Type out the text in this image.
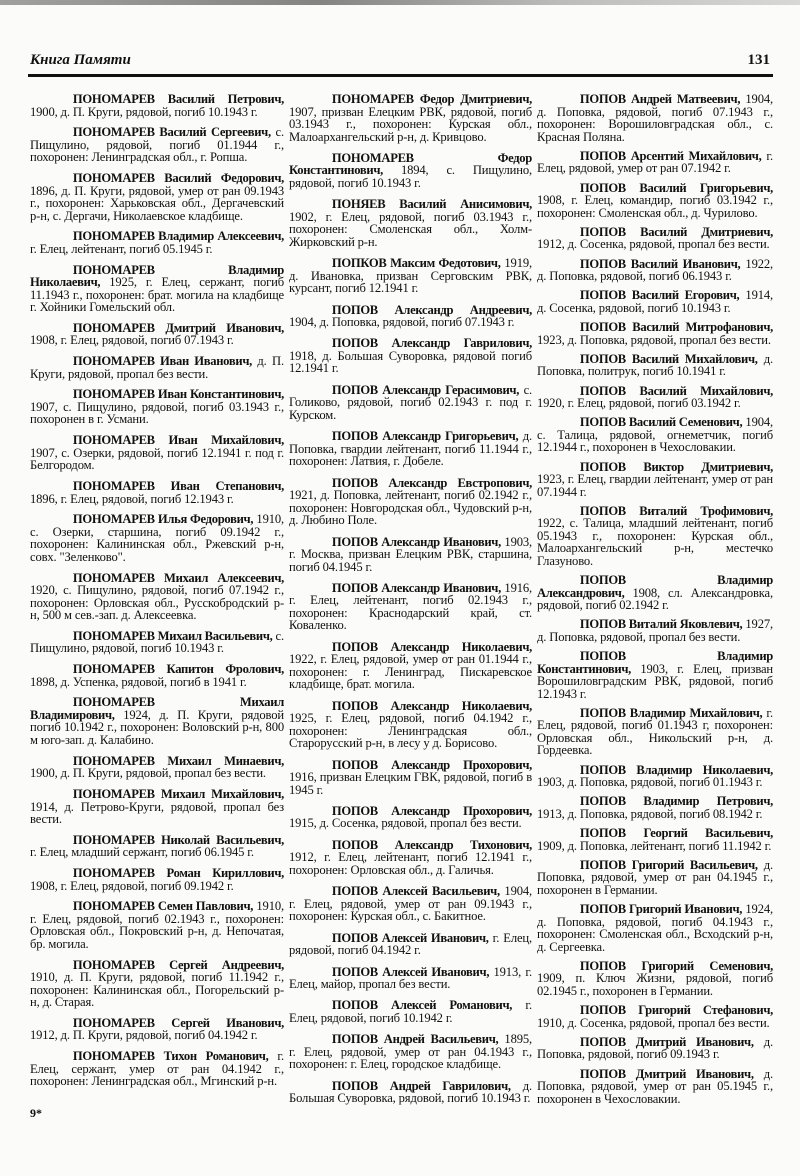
Книга Памяти	131
ПОНОМАРЕВ Василий Петрович, 1900, д. П. Круги, рядовой, погиб 10.1943 г.
ПОНОМАРЕВ Василий Сергеевич, с. Пищулино, рядовой, погиб 01.1944 г., похоронен: Ленинградская обл., г. Ропша.
ПОНОМАРЕВ Василий Федорович, 1896, д. П. Круги, рядовой, умер от ран 09.1943 г., похоронен: Харьковская обл., Дергачевский р-н, с. Дергачи, Николаевское кладбище.
ПОНОМАРЕВ Владимир Алексеевич, г. Елец, лейтенант, погиб 05.1945 г.
ПОНОМАРЕВ Владимир Николаевич, 1925, г. Елец, сержант, погиб 11.1943 г., похоронен: брат. могила на кладбище г. Хойники Гомельский обл.
ПОНОМАРЕВ Дмитрий Иванович, 1908, г. Елец, рядовой, погиб 07.1943 г.
ПОНОМАРЕВ Иван Иванович, д. П. Круги, рядовой, пропал без вести.
ПОНОМАРЕВ Иван Константинович, 1907, с. Пищулино, рядовой, погиб 03.1943 г., похоронен в г. Усмани.
ПОНОМАРЕВ Иван Михайлович, 1907, с. Озерки, рядовой, погиб 12.1941 г. под г. Белгородом.
ПОНОМАРЕВ Иван Степанович, 1896, г. Елец, рядовой, погиб 12.1943 г.
ПОНОМАРЕВ Илья Федорович, 1910, с. Озерки, старшина, погиб 09.1942 г., похоронен: Калининская обл., Ржевский р-н, совх. "Зеленково".
ПОНОМАРЕВ Михаил Алексеевич, 1920, с. Пищулино, рядовой, погиб 07.1942 г., похоронен: Орловская обл., Русскобродский р-н, 500 м сев.-зап. д. Алексеевка.
ПОНОМАРЕВ Михаил Васильевич, с. Пищулино, рядовой, погиб 10.1943 г.
ПОНОМАРЕВ Капитон Фролович, 1898, д. Успенка, рядовой, погиб в 1941 г.
ПОНОМАРЕВ Михаил Владимирович, 1924, д. П. Круги, рядовой погиб 10.1942 г., похоронен: Воловский р-н, 800 м юго-зап. д. Калабино.
ПОНОМАРЕВ Михаил Минаевич, 1900, д. П. Круги, рядовой, пропал без вести.
ПОНОМАРЕВ Михаил Михайлович, 1914, д. Петрово-Круги, рядовой, пропал без вести.
ПОНОМАРЕВ Николай Васильевич, г. Елец, младший сержант, погиб 06.1945 г.
ПОНОМАРЕВ Роман Кириллович, 1908, г. Елец, рядовой, погиб 09.1942 г.
ПОНОМАРЕВ Семен Павлович, 1910, г. Елец, рядовой, погиб 02.1943 г., похоронен: Орловская обл., Покровский р-н, д. Непочатая, бр. могила.
ПОНОМАРЕВ Сергей Андреевич, 1910, д. П. Круги, рядовой, погиб 11.1942 г., похоронен: Калининская обл., Погорельский р-н, д. Старая.
ПОНОМАРЕВ Сергей Иванович, 1912, д. П. Круги, рядовой, погиб 04.1942 г.
ПОНОМАРЕВ Тихон Романович, г. Елец, сержант, умер от ран 04.1942 г., похоронен: Ленинградская обл., Мгинский р-н.
ПОНОМАРЕВ Федор Дмитриевич, 1907, призван Елецким РВК, рядовой, погиб 03.1943 г., похоронен: Курская обл., Малоархангельский р-н, д. Кривцово.
ПОНОМАРЕВ Федор Константинович, 1894, с. Пищулино, рядовой, погиб 10.1943 г.
ПОНЯЕВ Василий Анисимович, 1902, г. Елец, рядовой, погиб 03.1943 г., похоронен: Смоленская обл., Холм-Жирковский р-н.
ПОПКОВ Максим Федотович, 1919, д. Ивановка, призван Серговским РВК, курсант, погиб 12.1941 г.
ПОПОВ Александр Андреевич, 1904, д. Поповка, рядовой, погиб 07.1943 г.
ПОПОВ Александр Гаврилович, 1918, д. Большая Суворовка, рядовой погиб 12.1941 г.
ПОПОВ Александр Герасимович, с. Голиково, рядовой, погиб 02.1943 г. под г. Курском.
ПОПОВ Александр Григорьевич, д. Поповка, гвардии лейтенант, погиб 11.1944 г., похоронен: Латвия, г. Добеле.
ПОПОВ Александр Евстропович, 1921, д. Поповка, лейтенант, погиб 02.1942 г., похоронен: Новгородская обл., Чудовский р-н, д. Любино Поле.
ПОПОВ Александр Иванович, 1903, г. Москва, призван Елецким РВК, старшина, погиб 04.1945 г.
ПОПОВ Александр Иванович, 1916, г. Елец, лейтенант, погиб 02.1943 г., похоронен: Краснодарский край, ст. Коваленко.
ПОПОВ Александр Николаевич, 1922, г. Елец, рядовой, умер от ран 01.1944 г., похоронен: г. Ленинград, Пискаревское кладбище, брат. могила.
ПОПОВ Александр Николаевич, 1925, г. Елец, рядовой, погиб 04.1942 г., похоронен: Ленинградская обл., Старорусский р-н, в лесу у д. Борисово.
ПОПОВ Александр Прохорович, 1916, призван Елецким ГВК, рядовой, погиб в 1945 г.
ПОПОВ Александр Прохорович, 1915, д. Сосенка, рядовой, пропал без вести.
ПОПОВ Александр Тихонович, 1912, г. Елец, лейтенант, погиб 12.1941 г., похоронен: Орловская обл., д. Галичья.
ПОПОВ Алексей Васильевич, 1904, г. Елец, рядовой, умер от ран 09.1943 г., похоронен: Курская обл., с. Бакитное.
ПОПОВ Алексей Иванович, г. Елец, рядовой, погиб 04.1942 г.
ПОПОВ Алексей Иванович, 1913, г. Елец, майор, пропал без вести.
ПОПОВ Алексей Романович, г. Елец, рядовой, погиб 10.1942 г.
ПОПОВ Андрей Васильевич, 1895, г. Елец, рядовой, умер от ран 04.1943 г., похоронен: г. Елец, городское кладбище.
ПОПОВ Андрей Гаврилович, д. Большая Суворовка, рядовой, погиб 10.1943 г.
ПОПОВ Андрей Матвеевич, 1904, д. Поповка, рядовой, погиб 07.1943 г., похоронен: Ворошиловградская обл., с. Красная Поляна.
ПОПОВ Арсентий Михайлович, г. Елец, рядовой, умер от ран 07.1942 г.
ПОПОВ Василий Григорьевич, 1908, г. Елец, командир, погиб 03.1942 г., похоронен: Смоленская обл., д. Чурилово.
ПОПОВ Василий Дмитриевич, 1912, д. Сосенка, рядовой, пропал без вести.
ПОПОВ Василий Иванович, 1922, д. Поповка, рядовой, погиб 06.1943 г.
ПОПОВ Василий Егорович, 1914, д. Сосенка, рядовой, погиб 10.1943 г.
ПОПОВ Василий Митрофанович, 1923, д. Поповка, рядовой, пропал без вести.
ПОПОВ Василий Михайлович, д. Поповка, политрук, погиб 10.1941 г.
ПОПОВ Василий Михайлович, 1920, г. Елец, рядовой, погиб 03.1942 г.
ПОПОВ Василий Семенович, 1904, с. Талица, рядовой, огнеметчик, погиб 12.1944 г., похоронен в Чехословакии.
ПОПОВ Виктор Дмитриевич, 1923, г. Елец, гвардии лейтенант, умер от ран 07.1944 г.
ПОПОВ Виталий Трофимович, 1922, с. Талица, младший лейтенант, погиб 05.1943 г., похоронен: Курская обл., Малоархангельский р-н, местечко Глазуново.
ПОПОВ Владимир Александрович, 1908, сл. Александровка, рядовой, погиб 02.1942 г.
ПОПОВ Виталий Яковлевич, 1927, д. Поповка, рядовой, пропал без вести.
ПОПОВ Владимир Константинович, 1903, г. Елец, призван Ворошиловградским РВК, рядовой, погиб 12.1943 г.
ПОПОВ Владимир Михайлович, г. Елец, рядовой, погиб 01.1943 г, похоронен: Орловская обл., Никольский р-н, д. Гордеевка.
ПОПОВ Владимир Николаевич, 1903, д. Поповка, рядовой, погиб 01.1943 г.
ПОПОВ Владимир Петрович, 1913, д. Поповка, рядовой, погиб 08.1942 г.
ПОПОВ Георгий Васильевич, 1909, д. Поповка, лейтенант, погиб 11.1942 г.
ПОПОВ Григорий Васильевич, д. Поповка, рядовой, умер от ран 04.1945 г., похоронен в Германии.
ПОПОВ Григорий Иванович, 1924, д. Поповка, рядовой, погиб 04.1943 г., похоронен: Смоленская обл., Всходский р-н, д. Сергеевка.
ПОПОВ Григорий Семенович, 1909, п. Ключ Жизни, рядовой, погиб 02.1945 г., похоронен в Германии.
ПОПОВ Григорий Стефанович, 1910, д. Сосенка, рядовой, пропал без вести.
ПОПОВ Дмитрий Иванович, д. Поповка, рядовой, погиб 09.1943 г.
ПОПОВ Дмитрий Иванович, д. Поповка, рядовой, умер от ран 05.1945 г., похоронен в Чехословакии.
9*
